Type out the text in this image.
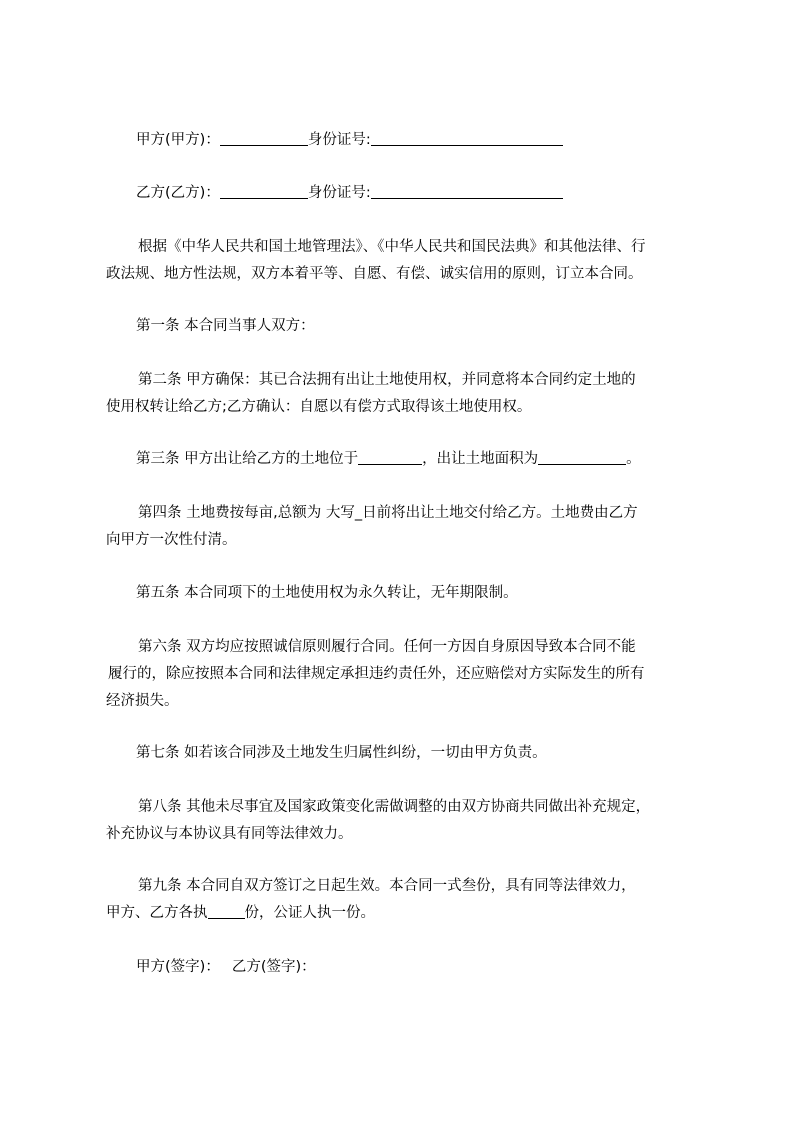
甲方(甲方)：	身份证号:
乙方(乙方)：	身份证号:
根据《中华人民共和国土地管理法》、《中华人民共和国民法典》和其他法律、行
政法规、地方性法规，双方本着平等、自愿、有偿、诚实信用的原则，订立本合同。
第一条 本合同当事人双方：
第二条 甲方确保：其已合法拥有出让土地使用权，并同意将本合同约定土地的
使用权转让给乙方;乙方确认：自愿以有偿方式取得该土地使用权。
第三条 甲方出让给乙方的土地位于	，出让土地面积为	。
第四条 土地费按每亩,总额为 大写_日前将出让土地交付给乙方。土地费由乙方
向甲方一次性付清。
第五条 本合同项下的土地使用权为永久转让，无年期限制。
第六条 双方均应按照诚信原则履行合同。任何一方因自身原因导致本合同不能
履行的，除应按照本合同和法律规定承担违约责任外，还应赔偿对方实际发生的所有
经济损失。
第七条 如若该合同涉及土地发生归属性纠纷，一切由甲方负责。
第八条 其他未尽事宜及国家政策变化需做调整的由双方协商共同做出补充规定，
补充协议与本协议具有同等法律效力。
第九条 本合同自双方签订之日起生效。本合同一式叁份，具有同等法律效力，
甲方、乙方各执	份，公证人执一份。
甲方(签字)： 乙方(签字)：
